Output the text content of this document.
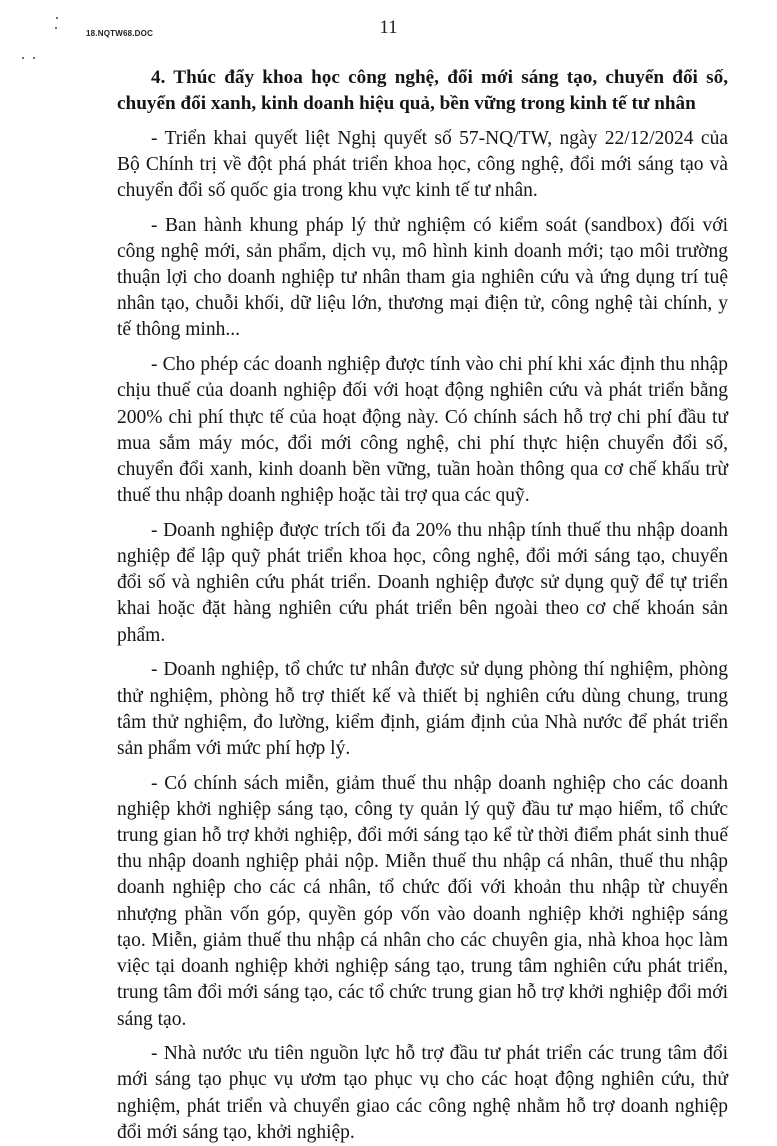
18.NQTW68.DOC	11

4. Thúc đẩy khoa học công nghệ, đổi mới sáng tạo, chuyển đổi số, chuyển đổi xanh, kinh doanh hiệu quả, bền vững trong kinh tế tư nhân

- Triển khai quyết liệt Nghị quyết số 57-NQ/TW, ngày 22/12/2024 của Bộ Chính trị về đột phá phát triển khoa học, công nghệ, đổi mới sáng tạo và chuyển đổi số quốc gia trong khu vực kinh tế tư nhân.

- Ban hành khung pháp lý thử nghiệm có kiểm soát (sandbox) đối với công nghệ mới, sản phẩm, dịch vụ, mô hình kinh doanh mới; tạo môi trường thuận lợi cho doanh nghiệp tư nhân tham gia nghiên cứu và ứng dụng trí tuệ nhân tạo, chuỗi khối, dữ liệu lớn, thương mại điện tử, công nghệ tài chính, y tế thông minh...

- Cho phép các doanh nghiệp được tính vào chi phí khi xác định thu nhập chịu thuế của doanh nghiệp đối với hoạt động nghiên cứu và phát triển bằng 200% chi phí thực tế của hoạt động này. Có chính sách hỗ trợ chi phí đầu tư mua sắm máy móc, đổi mới công nghệ, chi phí thực hiện chuyển đổi số, chuyển đổi xanh, kinh doanh bền vững, tuần hoàn thông qua cơ chế khấu trừ thuế thu nhập doanh nghiệp hoặc tài trợ qua các quỹ.

- Doanh nghiệp được trích tối đa 20% thu nhập tính thuế thu nhập doanh nghiệp để lập quỹ phát triển khoa học, công nghệ, đổi mới sáng tạo, chuyển đổi số và nghiên cứu phát triển. Doanh nghiệp được sử dụng quỹ để tự triển khai hoặc đặt hàng nghiên cứu phát triển bên ngoài theo cơ chế khoán sản phẩm.

- Doanh nghiệp, tổ chức tư nhân được sử dụng phòng thí nghiệm, phòng thử nghiệm, phòng hỗ trợ thiết kế và thiết bị nghiên cứu dùng chung, trung tâm thử nghiệm, đo lường, kiểm định, giám định của Nhà nước để phát triển sản phẩm với mức phí hợp lý.

- Có chính sách miễn, giảm thuế thu nhập doanh nghiệp cho các doanh nghiệp khởi nghiệp sáng tạo, công ty quản lý quỹ đầu tư mạo hiểm, tổ chức trung gian hỗ trợ khởi nghiệp, đổi mới sáng tạo kể từ thời điểm phát sinh thuế thu nhập doanh nghiệp phải nộp. Miễn thuế thu nhập cá nhân, thuế thu nhập doanh nghiệp cho các cá nhân, tổ chức đối với khoản thu nhập từ chuyển nhượng phần vốn góp, quyền góp vốn vào doanh nghiệp khởi nghiệp sáng tạo. Miễn, giảm thuế thu nhập cá nhân cho các chuyên gia, nhà khoa học làm việc tại doanh nghiệp khởi nghiệp sáng tạo, trung tâm nghiên cứu phát triển, trung tâm đổi mới sáng tạo, các tổ chức trung gian hỗ trợ khởi nghiệp đổi mới sáng tạo.

- Nhà nước ưu tiên nguồn lực hỗ trợ đầu tư phát triển các trung tâm đổi mới sáng tạo phục vụ ươm tạo phục vụ cho các hoạt động nghiên cứu, thử nghiệm, phát triển và chuyển giao các công nghệ nhằm hỗ trợ doanh nghiệp đổi mới sáng tạo, khởi nghiệp.
